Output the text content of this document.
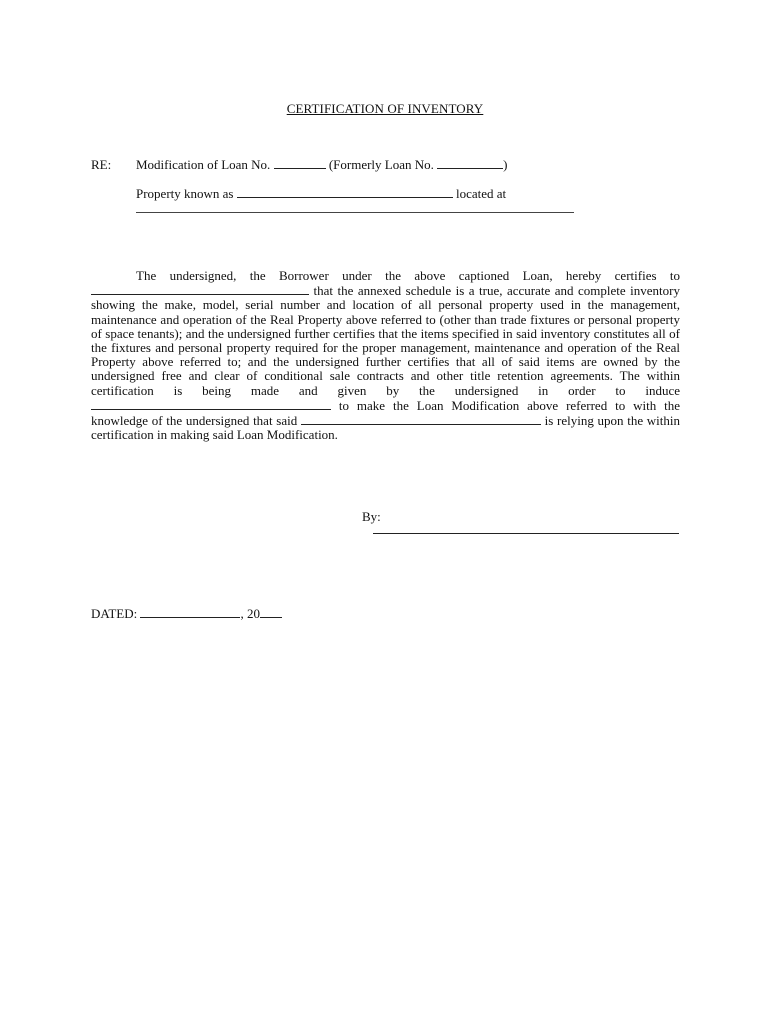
CERTIFICATION OF INVENTORY
RE: Modification of Loan No.	(Formerly Loan No.	)
Property known as	located at

The undersigned, the Borrower under the above captioned Loan, hereby certifies to  that the annexed schedule is a true, accurate and complete inventory showing the make, model, serial number and location of all personal property used in the management, maintenance and operation of the Real Property above referred to (other than trade fixtures or personal property of space tenants); and the undersigned further certifies that the items specified in said inventory constitutes all of the fixtures and personal property required for the proper management, maintenance and operation of the Real Property above referred to; and the undersigned further certifies that all of said items are owned by the undersigned free and clear of conditional sale contracts and other title retention agreements. The within certification is being made and given by the undersigned in order to induce  to make the Loan Modification above referred to with the knowledge of the undersigned that said	is relying upon the within certification in making said Loan Modification.

By:
DATED:	, 20
